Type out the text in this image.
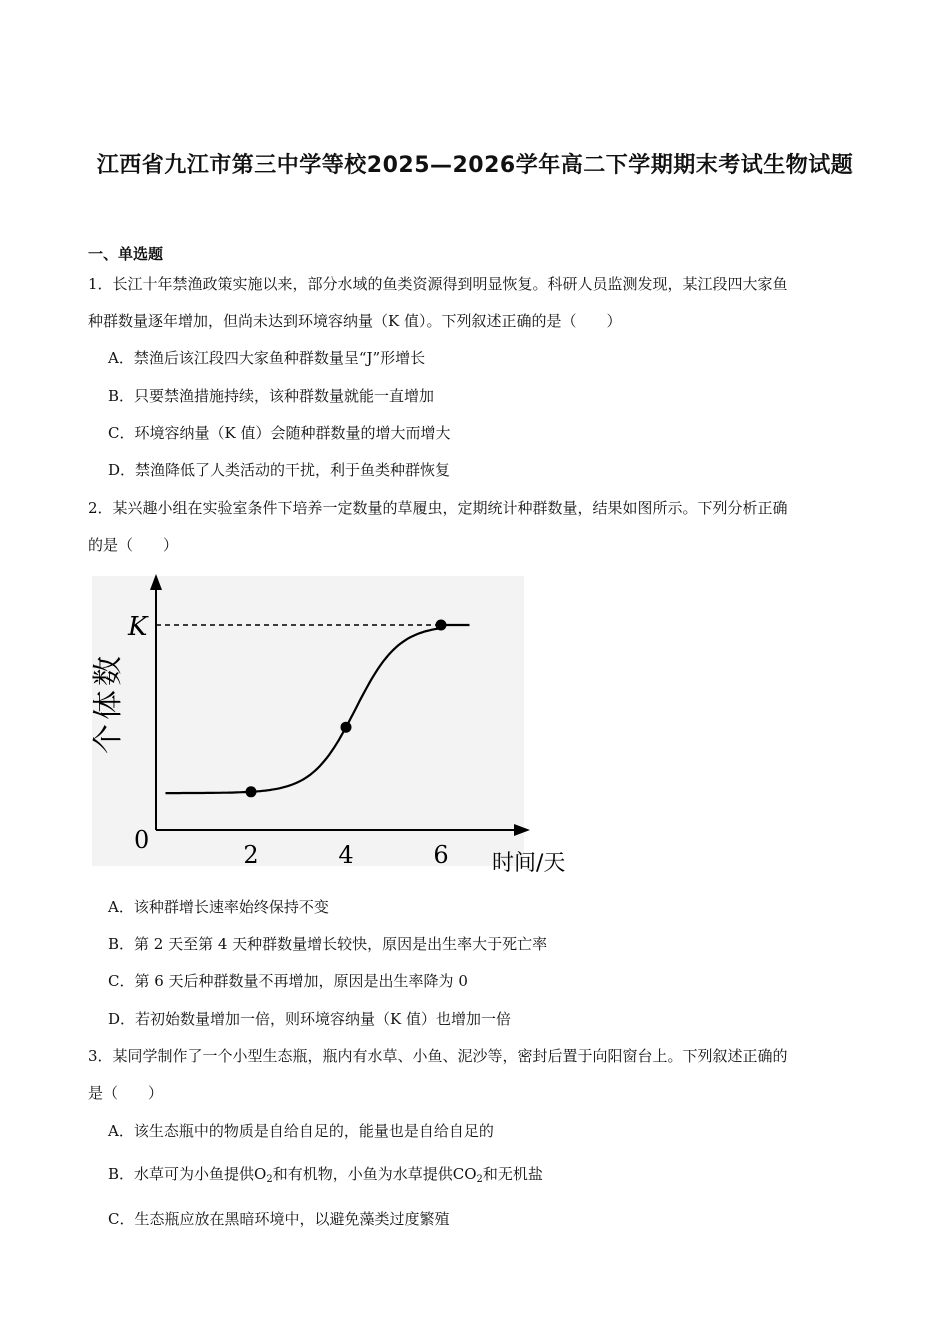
江西省九江市第三中学等校2025—2026学年高二下学期期末考试生物试题
一、单选题
1．长江十年禁渔政策实施以来，部分水域的鱼类资源得到明显恢复。科研人员监测发现，某江段四大家鱼
种群数量逐年增加，但尚未达到环境容纳量（K 值）。下列叙述正确的是（　　）
A．禁渔后该江段四大家鱼种群数量呈“J”形增长
B．只要禁渔措施持续，该种群数量就能一直增加
C．环境容纳量（K 值）会随种群数量的增大而增大
D．禁渔降低了人类活动的干扰，利于鱼类种群恢复
2．某兴趣小组在实验室条件下培养一定数量的草履虫，定期统计种群数量，结果如图所示。下列分析正确
的是（　　）
K
0
2	4	6 时间/天
个体数
A．该种群增长速率始终保持不变
B．第 2 天至第 4 天种群数量增长较快，原因是出生率大于死亡率
C．第 6 天后种群数量不再增加，原因是出生率降为 0
D．若初始数量增加一倍，则环境容纳量（K 值）也增加一倍
3．某同学制作了一个小型生态瓶，瓶内有水草、小鱼、泥沙等，密封后置于向阳窗台上。下列叙述正确的
是（　　）
A．该生态瓶中的物质是自给自足的，能量也是自给自足的
B．水草可为小鱼提供$O_2$和有机物，小鱼为水草提供$CO_2$和无机盐
C．生态瓶应放在黑暗环境中，以避免藻类过度繁殖
